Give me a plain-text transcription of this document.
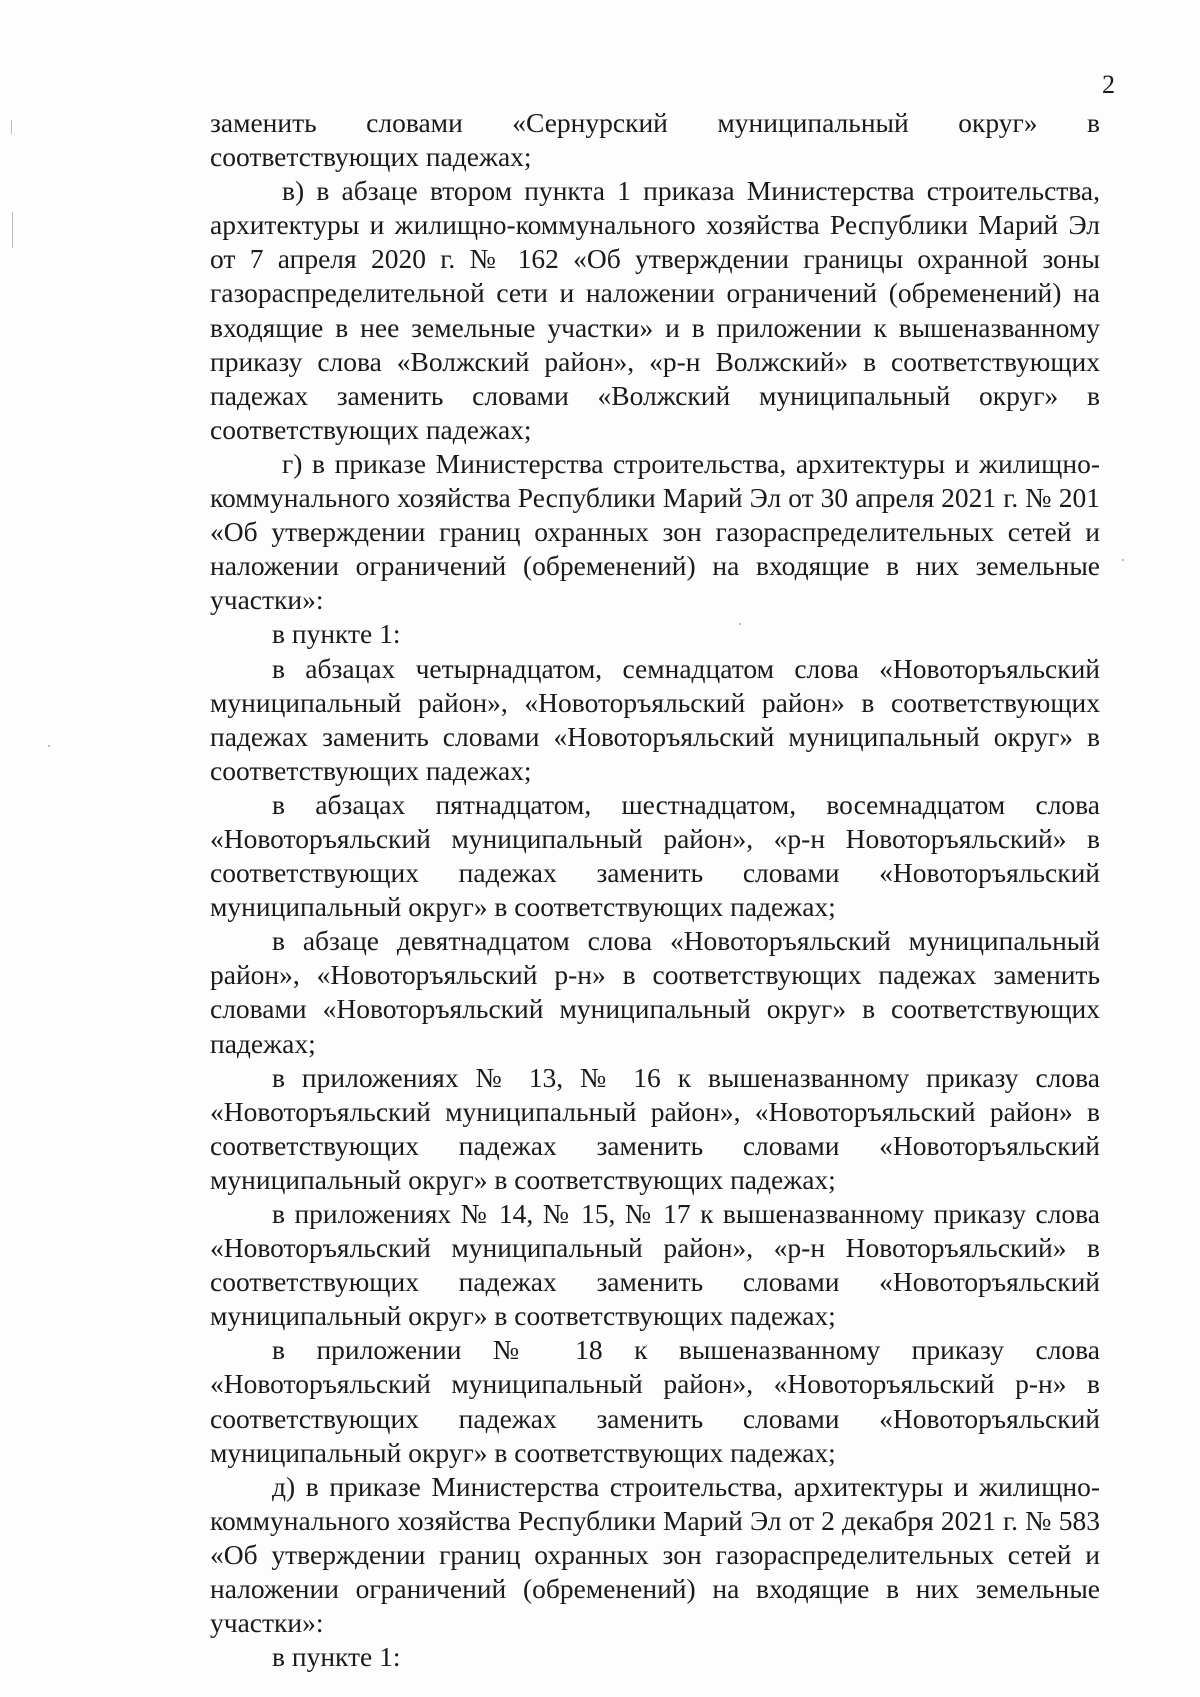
2

заменить словами «Сернурский муниципальный округ» в соответствующих падежах;

в) в абзаце втором пункта 1 приказа Министерства строительства, архитектуры и жилищно-коммунального хозяйства Республики Марий Эл от 7 апреля 2020 г. № 162 «Об утверждении границы охранной зоны газораспределительной сети и наложении ограничений (обременений) на входящие в нее земельные участки» и в приложении к вышеназванному приказу слова «Волжский район», «р-н Волжский» в соответствующих падежах заменить словами «Волжский муниципальный округ» в соответствующих падежах;

г) в приказе Министерства строительства, архитектуры и жилищно-коммунального хозяйства Республики Марий Эл от 30 апреля 2021 г. № 201 «Об утверждении границ охранных зон газораспределительных сетей и наложении ограничений (обременений) на входящие в них земельные участки»:

в пункте 1:

в абзацах четырнадцатом, семнадцатом слова «Новоторъяльский муниципальный район», «Новоторъяльский район» в соответствующих падежах заменить словами «Новоторъяльский муниципальный округ» в соответствующих падежах;

в абзацах пятнадцатом, шестнадцатом, восемнадцатом слова «Новоторъяльский муниципальный район», «р-н Новоторъяльский» в соответствующих падежах заменить словами «Новоторъяльский муниципальный округ» в соответствующих падежах;

в абзаце девятнадцатом слова «Новоторъяльский муниципальный район», «Новоторъяльский р-н» в соответствующих падежах заменить словами «Новоторъяльский муниципальный округ» в соответствующих падежах;

в приложениях № 13, № 16 к вышеназванному приказу слова «Новоторъяльский муниципальный район», «Новоторъяльский район» в соответствующих падежах заменить словами «Новоторъяльский муниципальный округ» в соответствующих падежах;

в приложениях № 14, № 15, № 17 к вышеназванному приказу слова «Новоторъяльский муниципальный район», «р-н Новоторъяльский» в соответствующих падежах заменить словами «Новоторъяльский муниципальный округ» в соответствующих падежах;

в приложении № 18 к вышеназванному приказу слова «Новоторъяльский муниципальный район», «Новоторъяльский р-н» в соответствующих падежах заменить словами «Новоторъяльский муниципальный округ» в соответствующих падежах;

д) в приказе Министерства строительства, архитектуры и жилищно-коммунального хозяйства Республики Марий Эл от 2 декабря 2021 г. № 583 «Об утверждении границ охранных зон газораспределительных сетей и наложении ограничений (обременений) на входящие в них земельные участки»:

в пункте 1:
